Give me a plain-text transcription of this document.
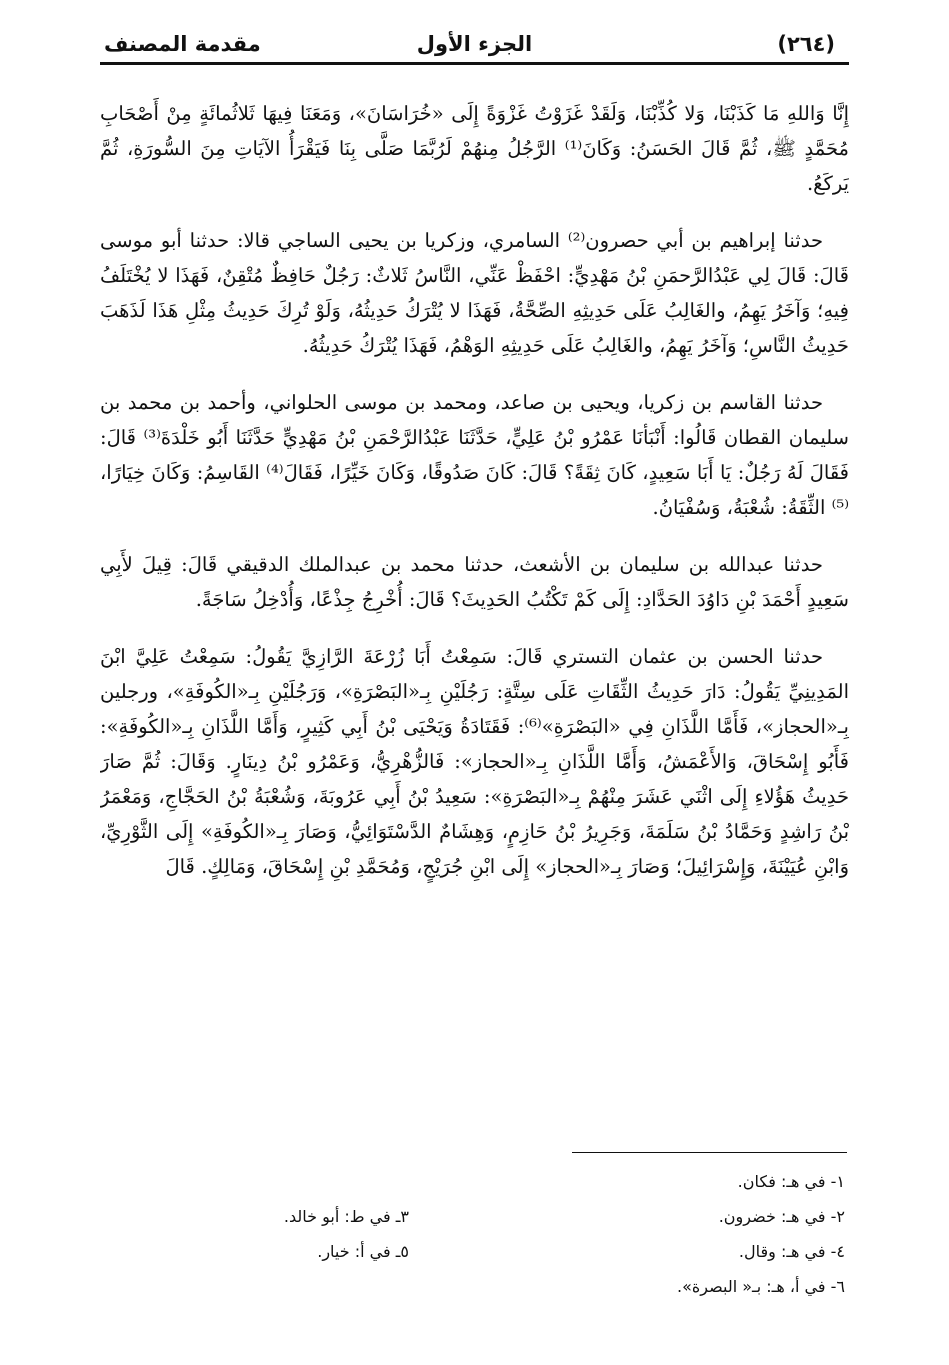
(٢٦٤)
الجزء الأول
مقدمة المصنف

إِنَّا وَاللهِ مَا كَذَبْنَا، وَلا كُذِّبْنَا، وَلَقَدْ غَزَوْتُ غَزْوَةً إِلَى «خُرَاسَانَ»، وَمَعَنَا فِيهَا ثَلاثُمائَةٍ مِنْ أَصْحَابِ مُحَمَّدٍ ﷺ، ثُمَّ قَالَ الحَسَنُ: وَكَانَ⁽¹⁾ الرَّجُلُ مِنهُمْ لَرُبَّمَا صَلَّى بِنَا فَيَقْرَأُ الآيَاتِ مِنَ السُّورَةِ، ثُمَّ يَركَعُ.

حدثنا إبراهيم بن أبي حصرون⁽²⁾ السامري، وزكريا بن يحيى الساجي قالا: حدثنا أبو موسى قَالَ: قَالَ لِي عَبْدُالرَّحمَنِ بْنُ مَهْدِيٍّ: احْفَظْ عَنِّي، النَّاسُ ثَلاثٌ: رَجُلٌ حَافِظٌ مُتْقِنٌ، فَهَذَا لا يُخْتَلَفُ فِيهِ؛ وَآخَرُ يَهِمُ، والغَالِبُ عَلَى حَدِيثِهِ الصِّحَّةُ، فَهَذَا لا يُتْرَكُ حَدِيثُهُ، وَلَوْ تُرِكَ حَدِيثُ مِثْلِ هَذَا لَذَهَبَ حَدِيثُ النَّاسِ؛ وَآخَرُ يَهِمُ، والغَالِبُ عَلَى حَدِيثِهِ الوَهْمُ، فَهَذَا يُتْرَكُ حَدِيثُهُ.

حدثنا القاسم بن زكريا، ويحيى بن صاعد، ومحمد بن موسى الحلواني، وأحمد بن محمد بن سليمان القطان قَالُوا: أَنْبَأنَا عَمْرُو بْنُ عَلِيٍّ، حَدَّثَنَا عَبْدُالرَّحْمَنِ بْنُ مَهْدِيٍّ حَدَّثَنَا أَبُو خَلْدَةَ⁽³⁾ قَالَ: فَقَالَ لَهُ رَجُلٌ: يَا أَبَا سَعِيدٍ، كَانَ ثِقَةً؟ قَالَ: كَانَ صَدُوقًا، وَكَانَ خَيِّرًا، فَقَالَ⁽⁴⁾ القَاسِمُ: وَكَانَ خِيَارًا،⁽⁵⁾ الثِّقَةُ: شُعْبَةُ، وَسُفْيَانُ.

حدثنا عبدالله بن سليمان بن الأشعث، حدثنا محمد بن عبدالملك الدقيقي قَالَ: قِيلَ لأَبِي سَعِيدٍ أَحْمَدَ بْنِ دَاوُدَ الحَدَّادِ: إِلَى كَمْ تَكْتُبُ الحَدِيثَ؟ قَالَ: أُخْرِجُ جِذْعًا، وَأُدْخِلُ سَاجَةً.

حدثنا الحسن بن عثمان التستري قَالَ: سَمِعْتُ أَبَا زُرْعَةَ الرَّازِيَّ يَقُولُ: سَمِعْتُ عَلِيَّ ابْنَ المَدِينِيِّ يَقُولُ: دَارَ حَدِيثُ الثِّقَاتِ عَلَى سِتَّةٍ: رَجُلَيْنِ بِـ«البَصْرَةِ»، وَرَجُلَيْنِ بِـ«الكُوفَةِ»، ورجلين بِـ«الحجاز»، فَأَمَّا اللَّذَانِ فِي «البَصْرَةِ»⁽⁶⁾: فَقَتَادَةُ وَيَحْيَى بْنُ أَبِي كَثِيرٍ، وَأَمَّا اللَّذَانِ بِـ«الكُوفَةِ»: فَأَبُو إِسْحَاقَ، وَالأَعْمَشُ، وَأَمَّا اللَّذَانِ بِـ«الحجاز»: فَالزُّهْرِيُّ، وَعَمْرُو بْنُ دِينَارٍ. وَقَالَ: ثُمَّ صَارَ حَدِيثُ هَؤُلاءِ إِلَى اثْنَي عَشَرَ مِنْهُمْ بِـ«البَصْرَةِ»: سَعِيدُ بْنُ أَبِي عَرُوبَةَ، وَشُعْبَةُ بْنُ الحَجَّاجِ، وَمَعْمَرُ بْنُ رَاشِدٍ وَحَمَّادُ بْنُ سَلَمَةَ، وَجَرِيرُ بْنُ حَازِمٍ، وَهِشَامٌ الدَّسْتَوَائِيُّ، وَصَارَ بِـ«الكُوفَةِ» إِلَى الثَّوْرِيِّ، وَابْنِ عُيَيْنَةَ، وَإِسْرَائِيلَ؛ وَصَارَ بِـ«الحجاز» إِلَى ابْنِ جُرَيْجٍ، وَمُحَمَّدِ بْنِ إِسْحَاقَ، وَمَالِكٍ. قَالَ

١- في هـ: فكان.
٢- في هـ: خضرون.
٣ـ في ط: أبو خالد.
٤- في هـ: وقال.
٥ـ في أ: خيار.
٦- في أ، هـ: بـ« البصرة».
